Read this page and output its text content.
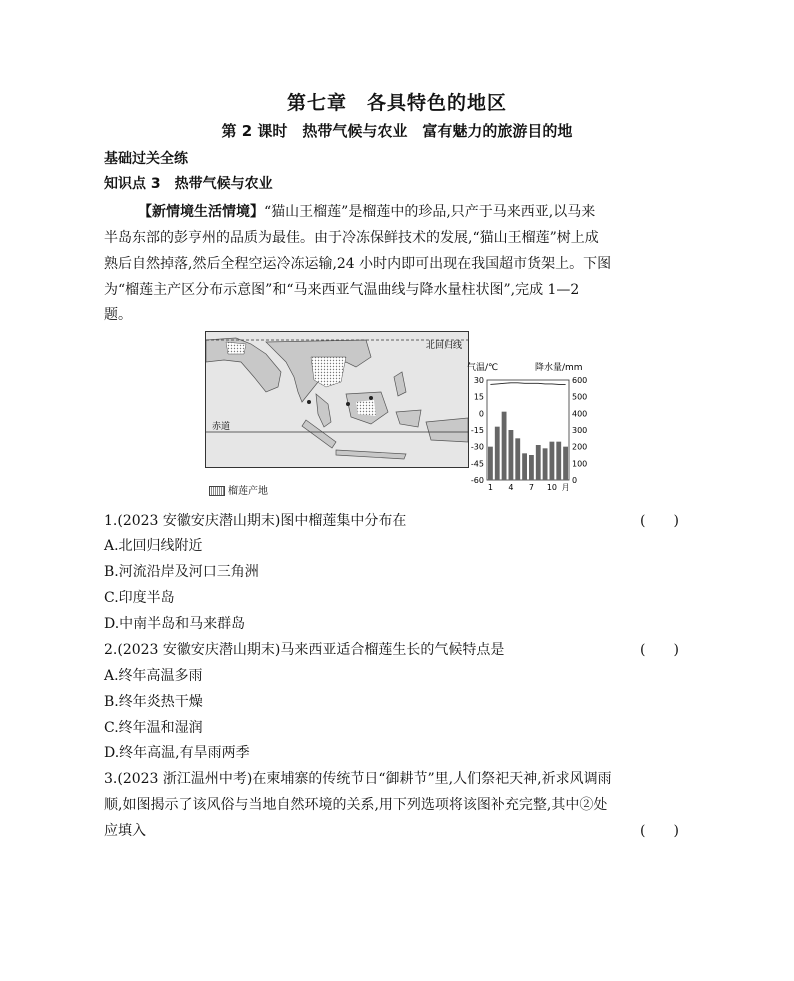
第七章　各具特色的地区
第 2 课时　热带气候与农业　富有魅力的旅游目的地
基础过关全练
知识点 3　热带气候与农业
【新情境生活情境】“猫山王榴莲”是榴莲中的珍品,只产于马来西亚,以马来
半岛东部的彭亨州的品质为最佳。由于冷冻保鲜技术的发展,“猫山王榴莲”树上成
熟后自然掉落,然后全程空运冷冻运输,24 小时内即可出现在我国超市货架上。下图
为“榴莲主产区分布示意图”和“马来西亚气温曲线与降水量柱状图”,完成 1—2
题。
北回归线
赤道
榴莲产地
气温/℃	降水量/mm
30
15
0
-15
-30
-45
-60
600
500
400
300
200
100
0
1 4 7 10 月
1.(2023 安徽安庆潜山期末)图中榴莲集中分布在	(　　)
A.北回归线附近
B.河流沿岸及河口三角洲
C.印度半岛
D.中南半岛和马来群岛
2.(2023 安徽安庆潜山期末)马来西亚适合榴莲生长的气候特点是	(　　)
A.终年高温多雨
B.终年炎热干燥
C.终年温和湿润
D.终年高温,有旱雨两季
3.(2023 浙江温州中考)在柬埔寨的传统节日“御耕节”里,人们祭祀天神,祈求风调雨
顺,如图揭示了该风俗与当地自然环境的关系,用下列选项将该图补充完整,其中②处
应填入	(　　)
